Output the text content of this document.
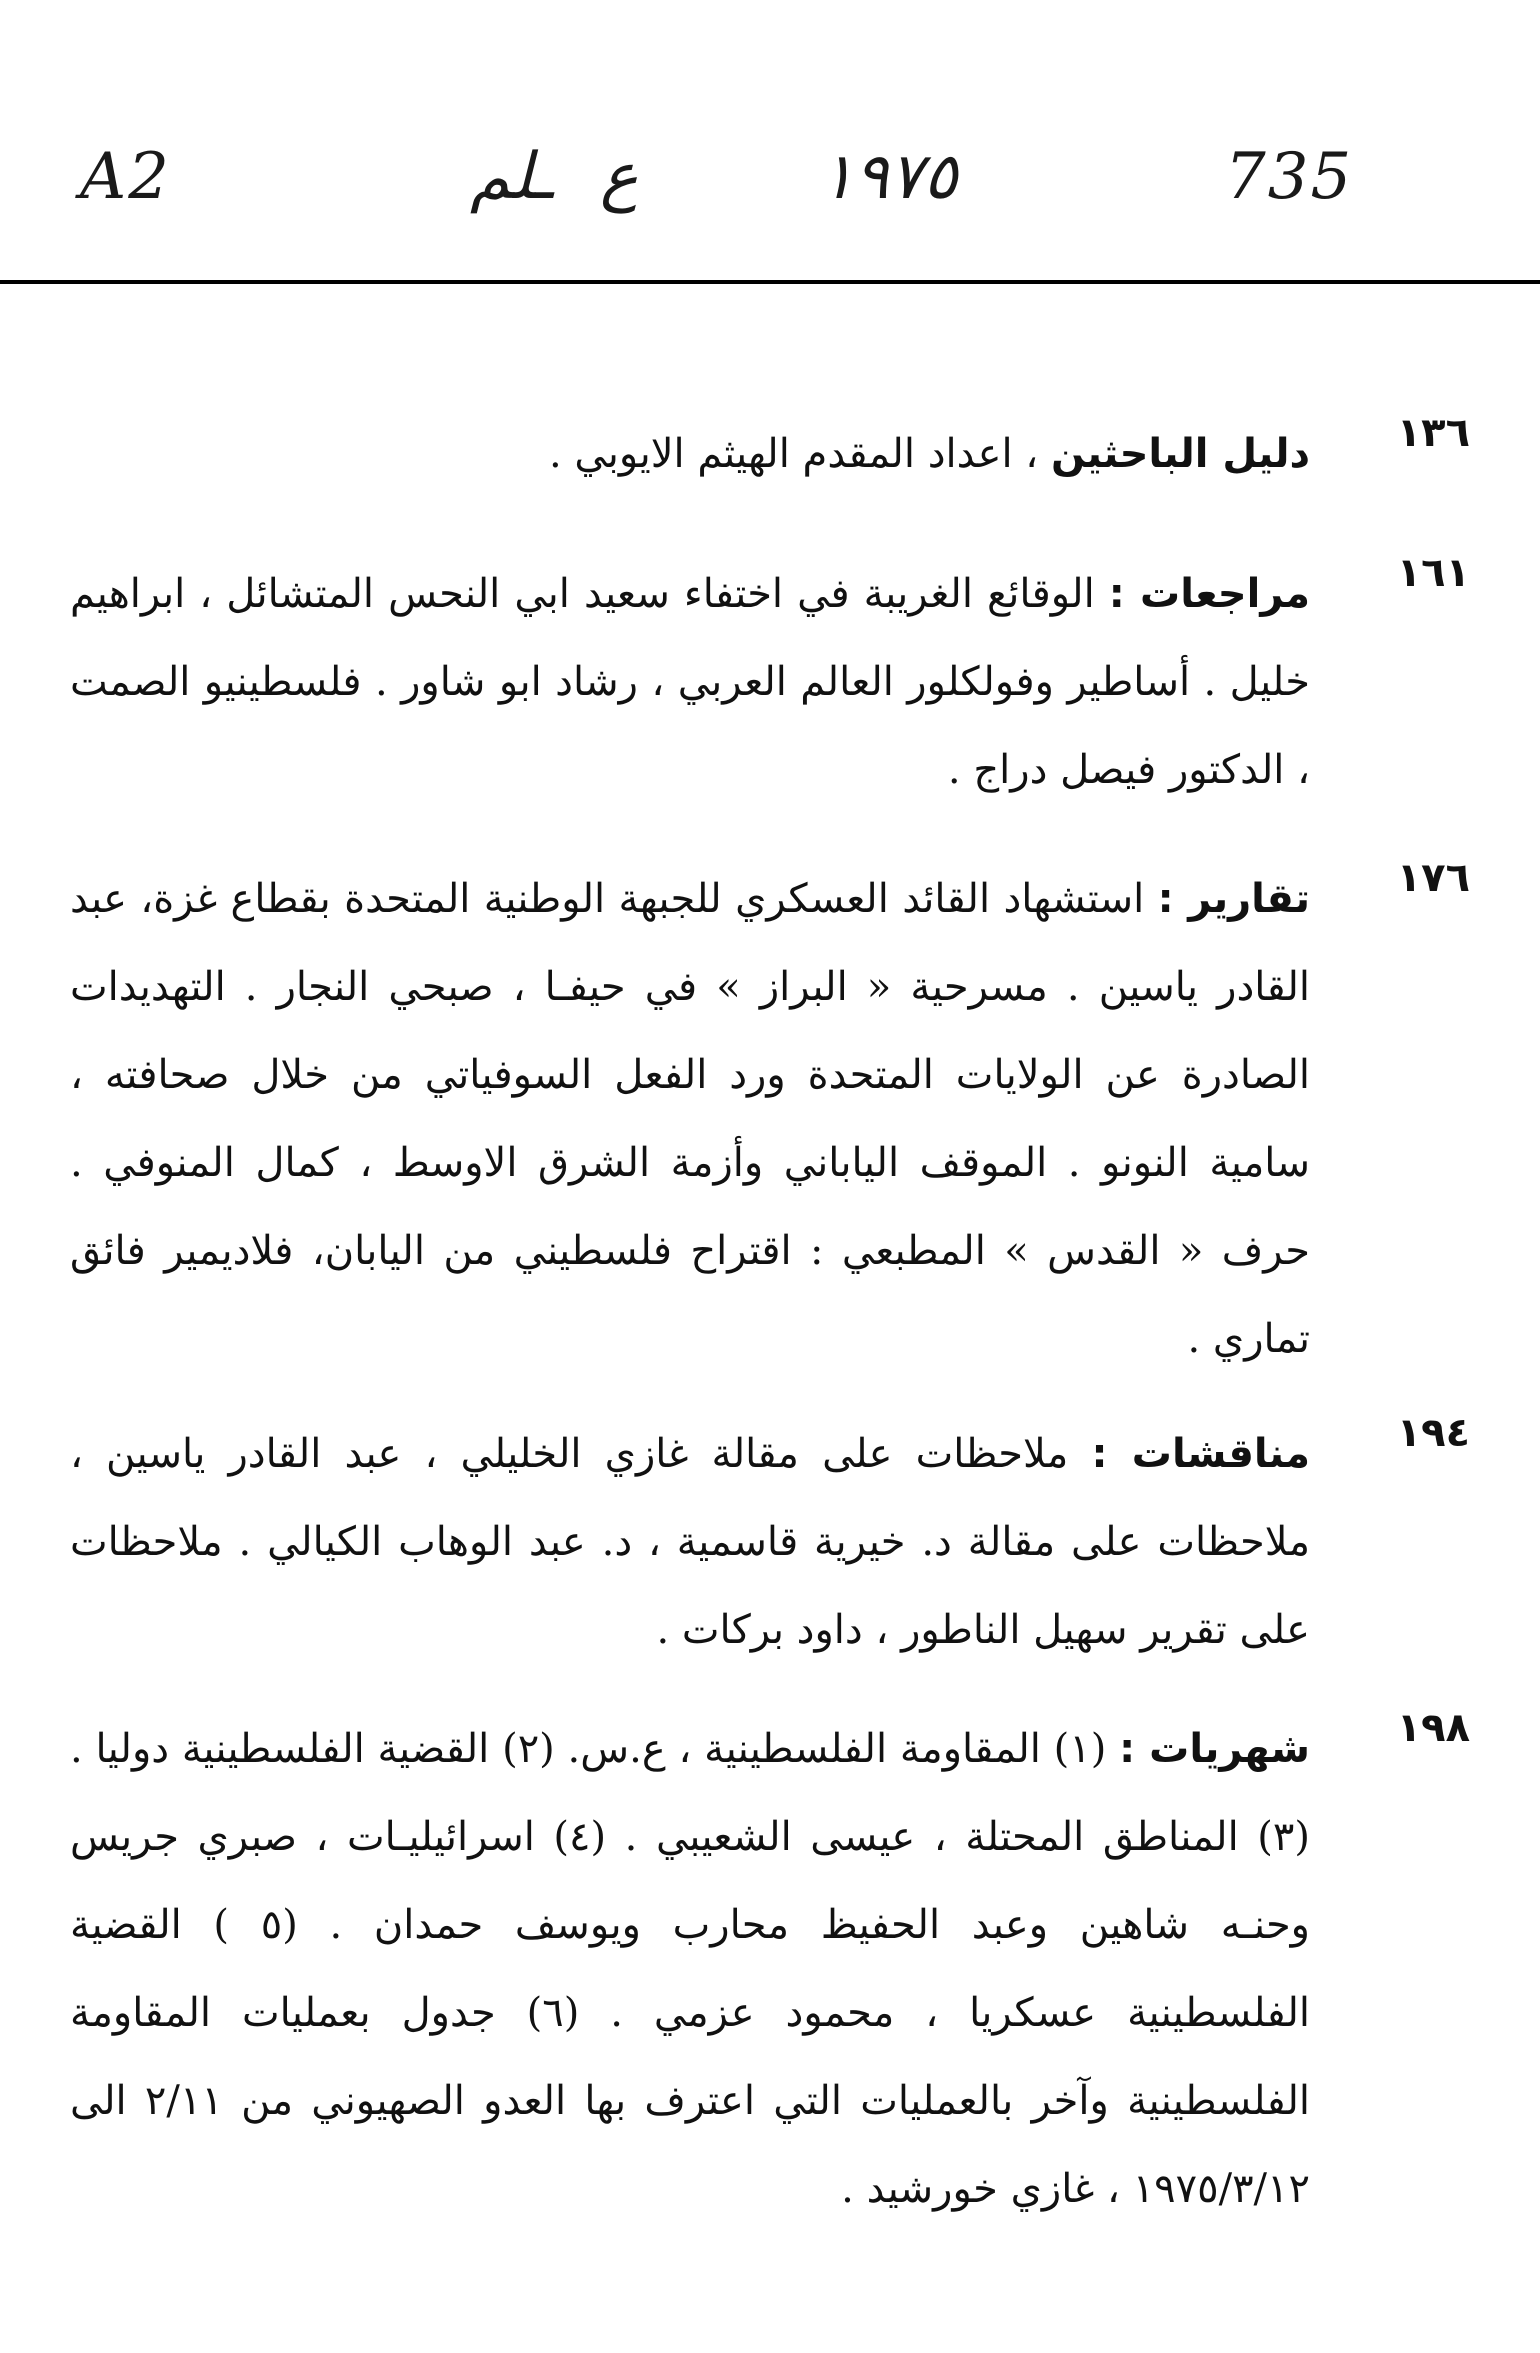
A2	ـلم ع	١٩٧٥	735
١٣٦
دليل الباحثين ، اعداد المقدم الهيثم الايوبي .
١٦١
مراجعات : الوقائع الغريبة في اختفاء سعيد ابي النحس المتشائل ، ابراهيم خليل . أساطير وفولكلور العالم العربي ، رشاد ابو شاور . فلسطينيو الصمت ، الدكتور فيصل دراج .
١٧٦
تقارير : استشهاد القائد العسكري للجبهة الوطنية المتحدة بقطاع غزة، عبد القادر ياسين . مسرحية « البراز » في حيفـا ، صبحي النجار . التهديدات الصادرة عن الولايات المتحدة ورد الفعل السوفياتي من خلال صحافته ، سامية النونو . الموقف الياباني وأزمة الشرق الاوسط ، كمال المنوفي . حرف « القدس » المطبعي : اقتراح فلسطيني من اليابان، فلاديمير فائق تماري .
١٩٤
مناقشات : ملاحظات على مقالة غازي الخليلي ، عبد القادر ياسين ، ملاحظات على مقالة د. خيرية قاسمية ، د. عبد الوهاب الكيالي . ملاحظات على تقرير سهيل الناطور ، داود بركات .
١٩٨
شهريات : (١) المقاومة الفلسطينية ، ع.س. (٢) القضية الفلسطينية دوليا . (٣) المناطق المحتلة ، عيسى الشعيبي . (٤) اسرائيليـات ، صبري جريس وحنـه شاهين وعبد الحفيظ محارب ويوسف حمدان . (٥ ) القضية الفلسطينية عسكريا ، محمود عزمي . (٦) جدول بعمليات المقاومة الفلسطينية وآخر بالعمليات التي اعترف بها العدو الصهيوني من ٢/١١ الى ١٩٧٥/٣/١٢ ، غازي خورشيد .
